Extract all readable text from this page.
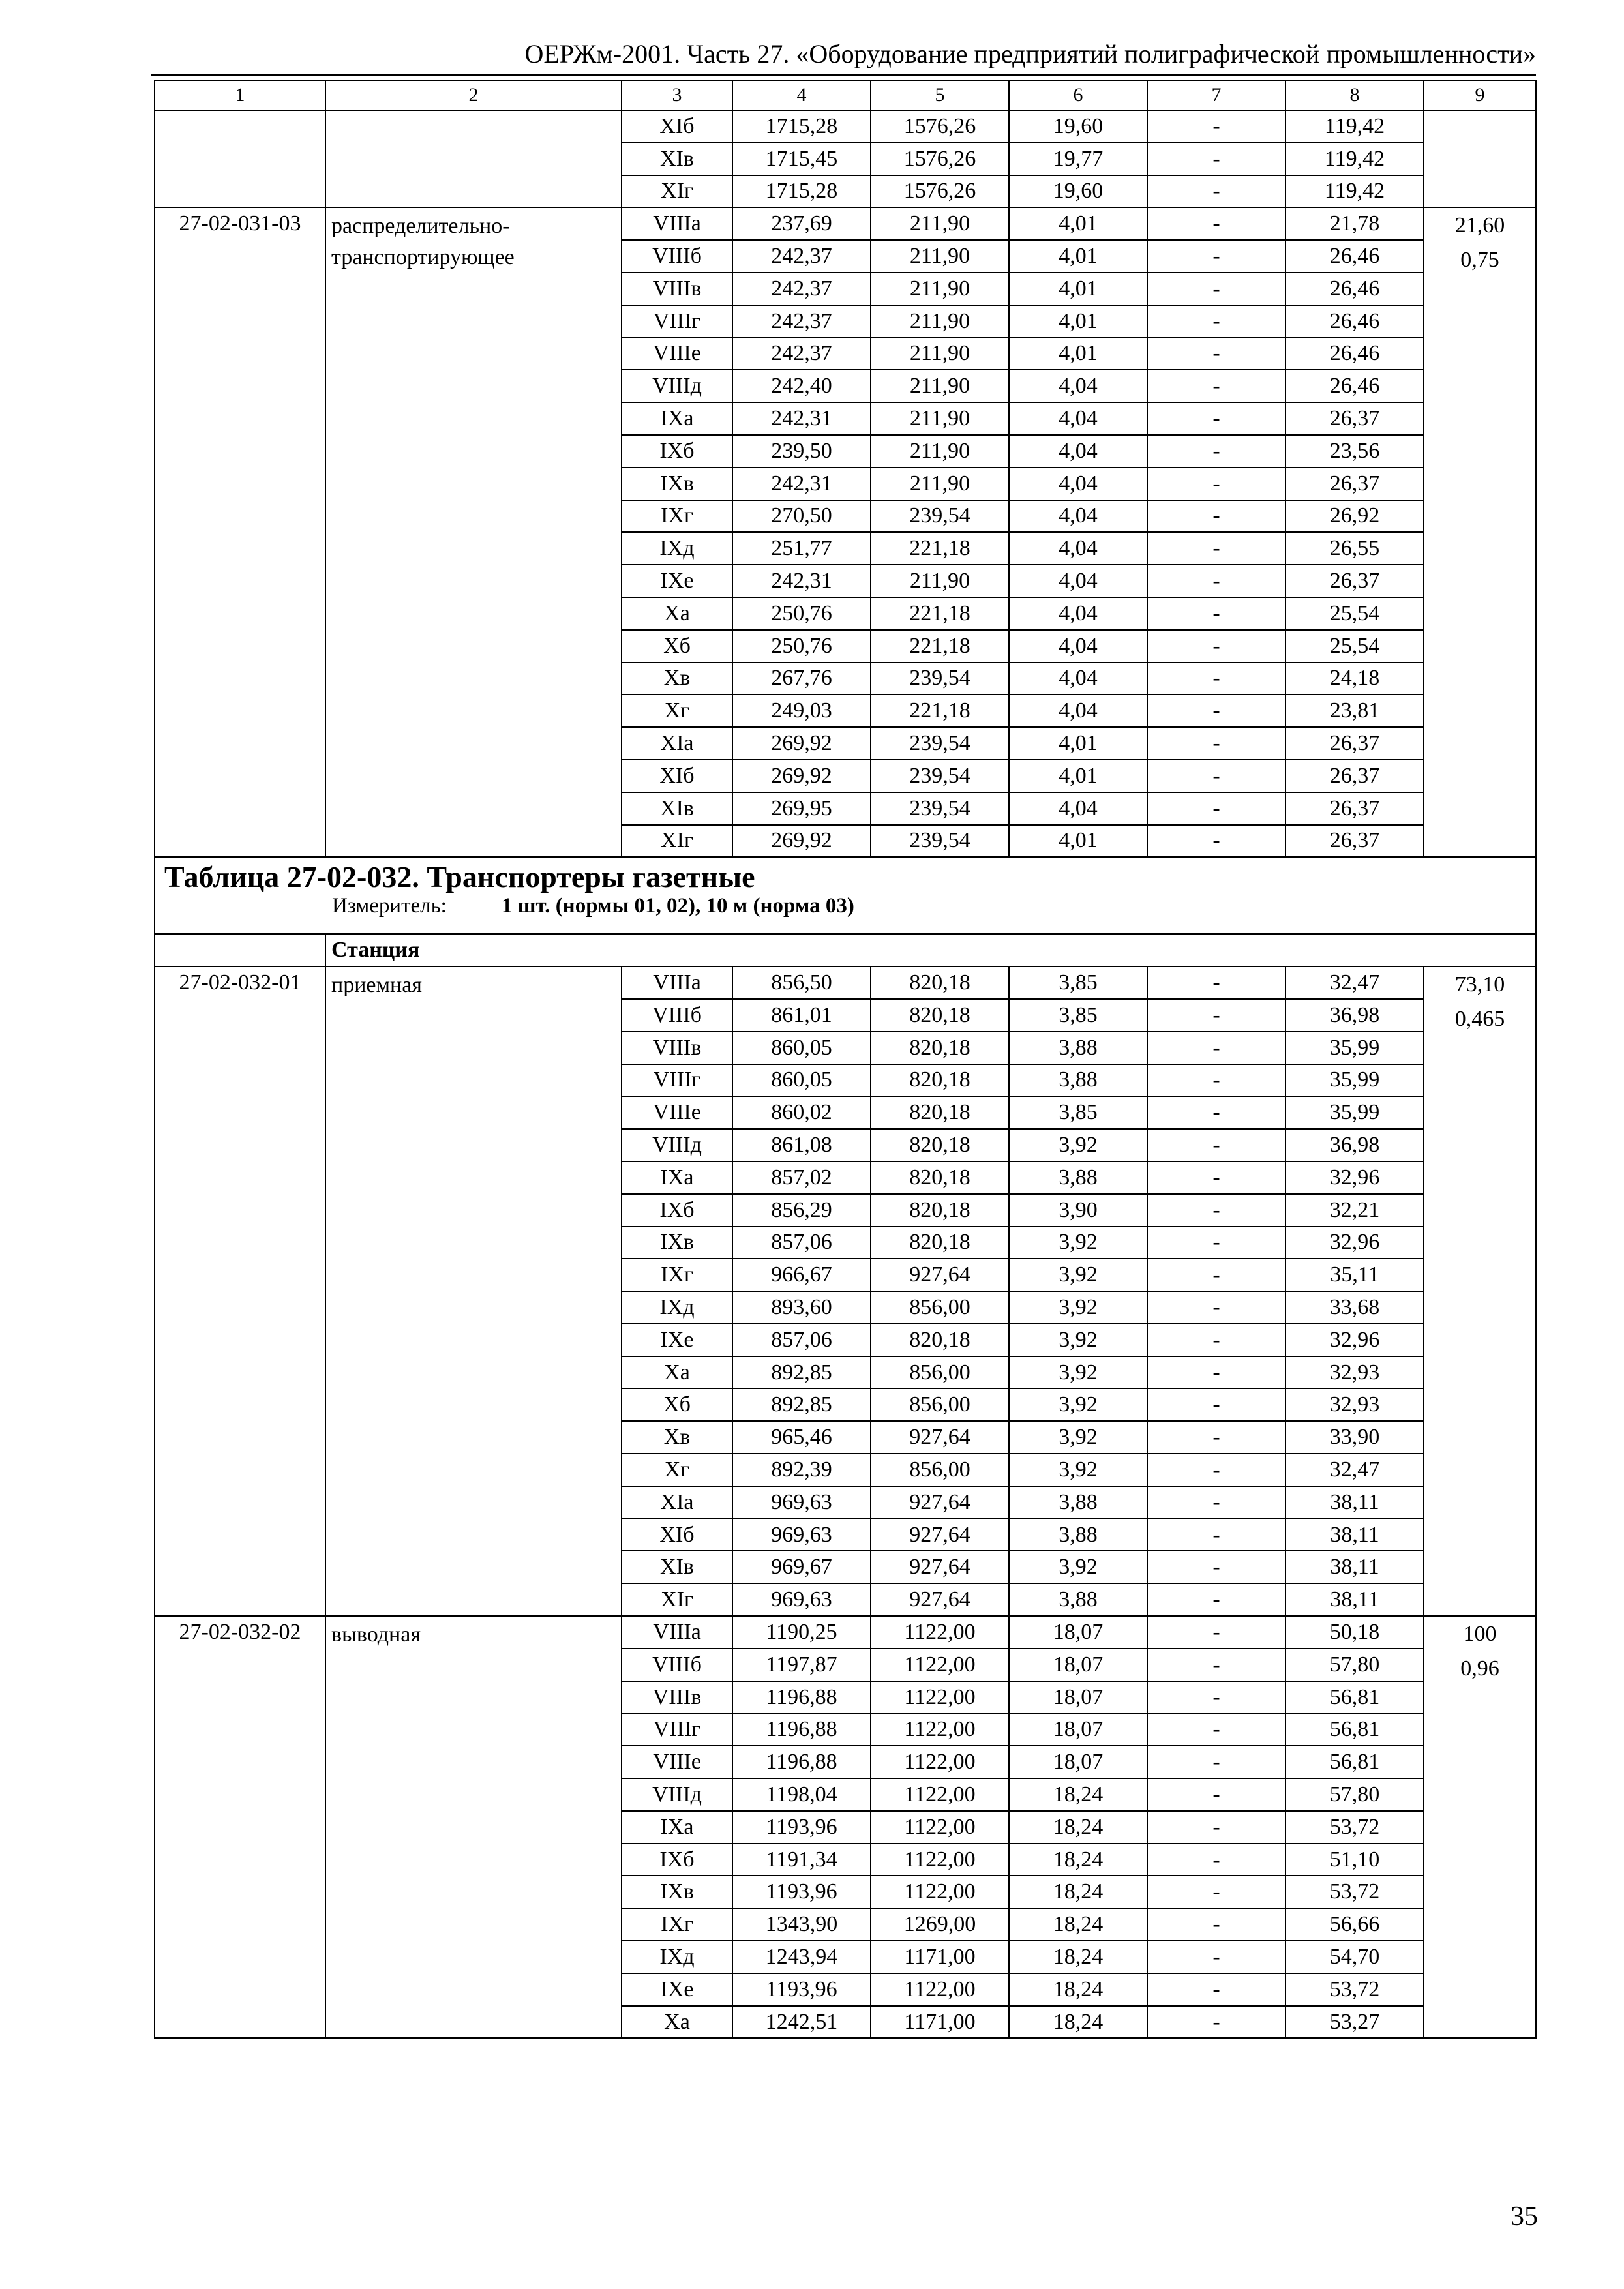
ОЕРЖм-2001. Часть 27. «Оборудование предприятий полиграфической промышленности»
1	2	3	4	5	6	7	8	9
		XIб	1715,28	1576,26	19,60	-	119,42	
		XIв	1715,45	1576,26	19,77	-	119,42	
		XIг	1715,28	1576,26	19,60	-	119,42	
27-02-031-03	распределительно-транспортирующее	VIIIа	237,69	211,90	4,01	-	21,78	21,60
0,75

		VIIIб	242,37	211,90	4,01	-	26,46	
		VIIIв	242,37	211,90	4,01	-	26,46	
		VIIIг	242,37	211,90	4,01	-	26,46	
		VIIIе	242,37	211,90	4,01	-	26,46	
		VIIIд	242,40	211,90	4,04	-	26,46	
		IXа	242,31	211,90	4,04	-	26,37	
		IXб	239,50	211,90	4,04	-	23,56	
		IXв	242,31	211,90	4,04	-	26,37	
		IXг	270,50	239,54	4,04	-	26,92	
		IXд	251,77	221,18	4,04	-	26,55	
		IXе	242,31	211,90	4,04	-	26,37	
		Xа	250,76	221,18	4,04	-	25,54	
		Xб	250,76	221,18	4,04	-	25,54	
		Xв	267,76	239,54	4,04	-	24,18	
		Xг	249,03	221,18	4,04	-	23,81	
		XIа	269,92	239,54	4,01	-	26,37	
		XIб	269,92	239,54	4,01	-	26,37	
		XIв	269,95	239,54	4,04	-	26,37	
		XIг	269,92	239,54	4,01	-	26,37	

Таблица 27-02-032. Транспортеры газетные
Измеритель: 1 шт. (нормы 01, 02), 10 м (норма 03)								

	Станция							
27-02-032-01	приемная	VIIIа	856,50	820,18	3,85	-	32,47	73,10
0,465

		VIIIб	861,01	820,18	3,85	-	36,98	
		VIIIв	860,05	820,18	3,88	-	35,99	
		VIIIг	860,05	820,18	3,88	-	35,99	
		VIIIе	860,02	820,18	3,85	-	35,99	
		VIIIд	861,08	820,18	3,92	-	36,98	
		IXа	857,02	820,18	3,88	-	32,96	
		IXб	856,29	820,18	3,90	-	32,21	
		IXв	857,06	820,18	3,92	-	32,96	
		IXг	966,67	927,64	3,92	-	35,11	
		IXд	893,60	856,00	3,92	-	33,68	
		IXе	857,06	820,18	3,92	-	32,96	
		Xа	892,85	856,00	3,92	-	32,93	
		Xб	892,85	856,00	3,92	-	32,93	
		Xв	965,46	927,64	3,92	-	33,90	
		Xг	892,39	856,00	3,92	-	32,47	
		XIа	969,63	927,64	3,88	-	38,11	
		XIб	969,63	927,64	3,88	-	38,11	
		XIв	969,67	927,64	3,92	-	38,11	
		XIг	969,63	927,64	3,88	-	38,11	
27-02-032-02	выводная	VIIIа	1190,25	1122,00	18,07	-	50,18	100
0,96

		VIIIб	1197,87	1122,00	18,07	-	57,80	
		VIIIв	1196,88	1122,00	18,07	-	56,81	
		VIIIг	1196,88	1122,00	18,07	-	56,81	
		VIIIе	1196,88	1122,00	18,07	-	56,81	
		VIIIд	1198,04	1122,00	18,24	-	57,80	
		IXа	1193,96	1122,00	18,24	-	53,72	
		IXб	1191,34	1122,00	18,24	-	51,10	
		IXв	1193,96	1122,00	18,24	-	53,72	
		IXг	1343,90	1269,00	18,24	-	56,66	
		IXд	1243,94	1171,00	18,24	-	54,70	
		IXе	1193,96	1122,00	18,24	-	53,72	
		Xа	1242,51	1171,00	18,24	-	53,27	
35
